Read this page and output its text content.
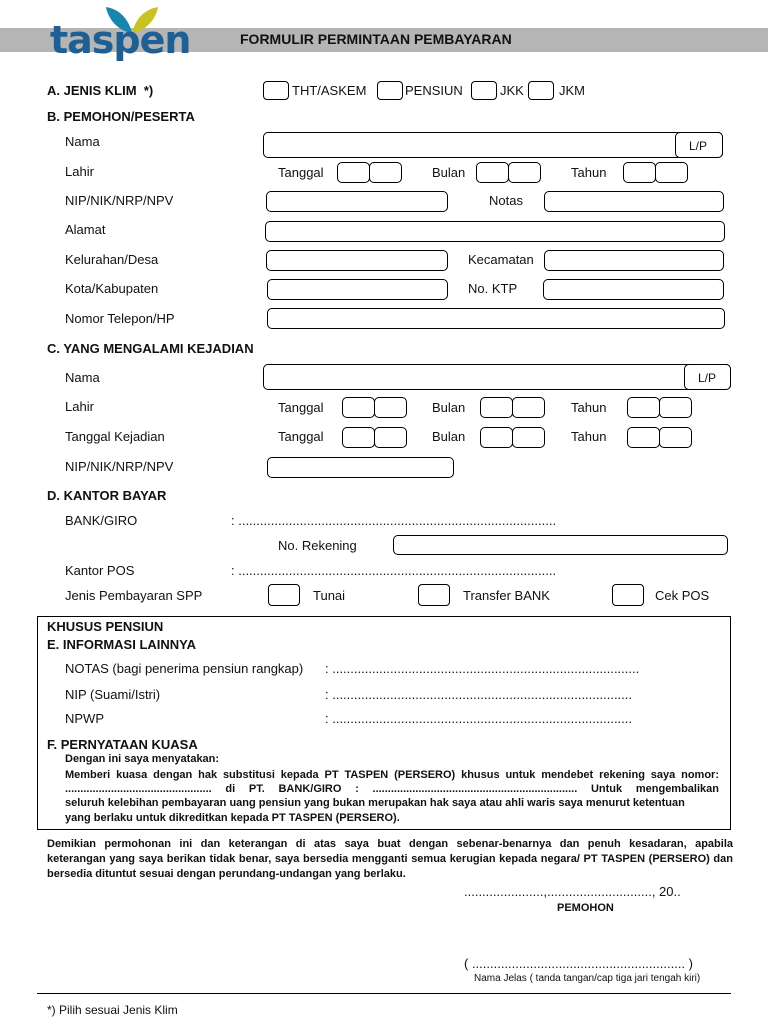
taspen	FORMULIR PERMINTAAN PEMBAYARAN
A. JENIS KLIM *)	THT/ASKEM	PENSIUN	JKK	JKM
B. PEMOHON/PESERTA
Nama	L/P
Lahir	Tanggal	Bulan	Tahun
NIP/NIK/NRP/NPV	Notas
Alamat
Kelurahan/Desa	Kecamatan
Kota/Kabupaten	No. KTP
Nomor Telepon/HP
C. YANG MENGALAMI KEJADIAN
Nama	L/P
Lahir	Tanggal	Bulan	Tahun
Tanggal Kejadian	Tanggal	Bulan	Tahun
NIP/NIK/NRP/NPV
D. KANTOR BAYAR
BANK/GIRO	: ........................................................................................
No. Rekening
Kantor POS	: ........................................................................................
Jenis Pembayaran SPP	Tunai	Transfer BANK	Cek POS
KHUSUS PENSIUN
E. INFORMASI LAINNYA
NOTAS (bagi penerima pensiun rangkap) : .....................................................................................
NIP (Suami/Istri)	: ...................................................................................
NPWP	: ...................................................................................
F. PERNYATAAN KUASA
Dengan ini saya menyatakan:
Memberi kuasa dengan hak substitusi kepada PT TASPEN (PERSERO) khusus untuk mendebet rekening saya nomor:
................................................ di PT. BANK/GIRO : ................................................................... Untuk mengembalikan
seluruh kelebihan pembayaran uang pensiun yang bukan merupakan hak saya atau ahli waris saya menurut ketentuan
yang berlaku untuk dikreditkan kepada PT TASPEN (PERSERO).
Demikian permohonan ini dan keterangan di atas saya buat dengan sebenar-benarnya dan penuh kesadaran, apabila
keterangan yang saya berikan tidak benar, saya bersedia mengganti semua kerugian kepada negara/ PT TASPEN (PERSERO) dan
bersedia dituntut sesuai dengan perundang-undangan yang berlaku.
......................,............................., 20..
PEMOHON
( ........................................................... )
Nama Jelas ( tanda tangan/cap tiga jari tengah kiri)
*) Pilih sesuai Jenis Klim
